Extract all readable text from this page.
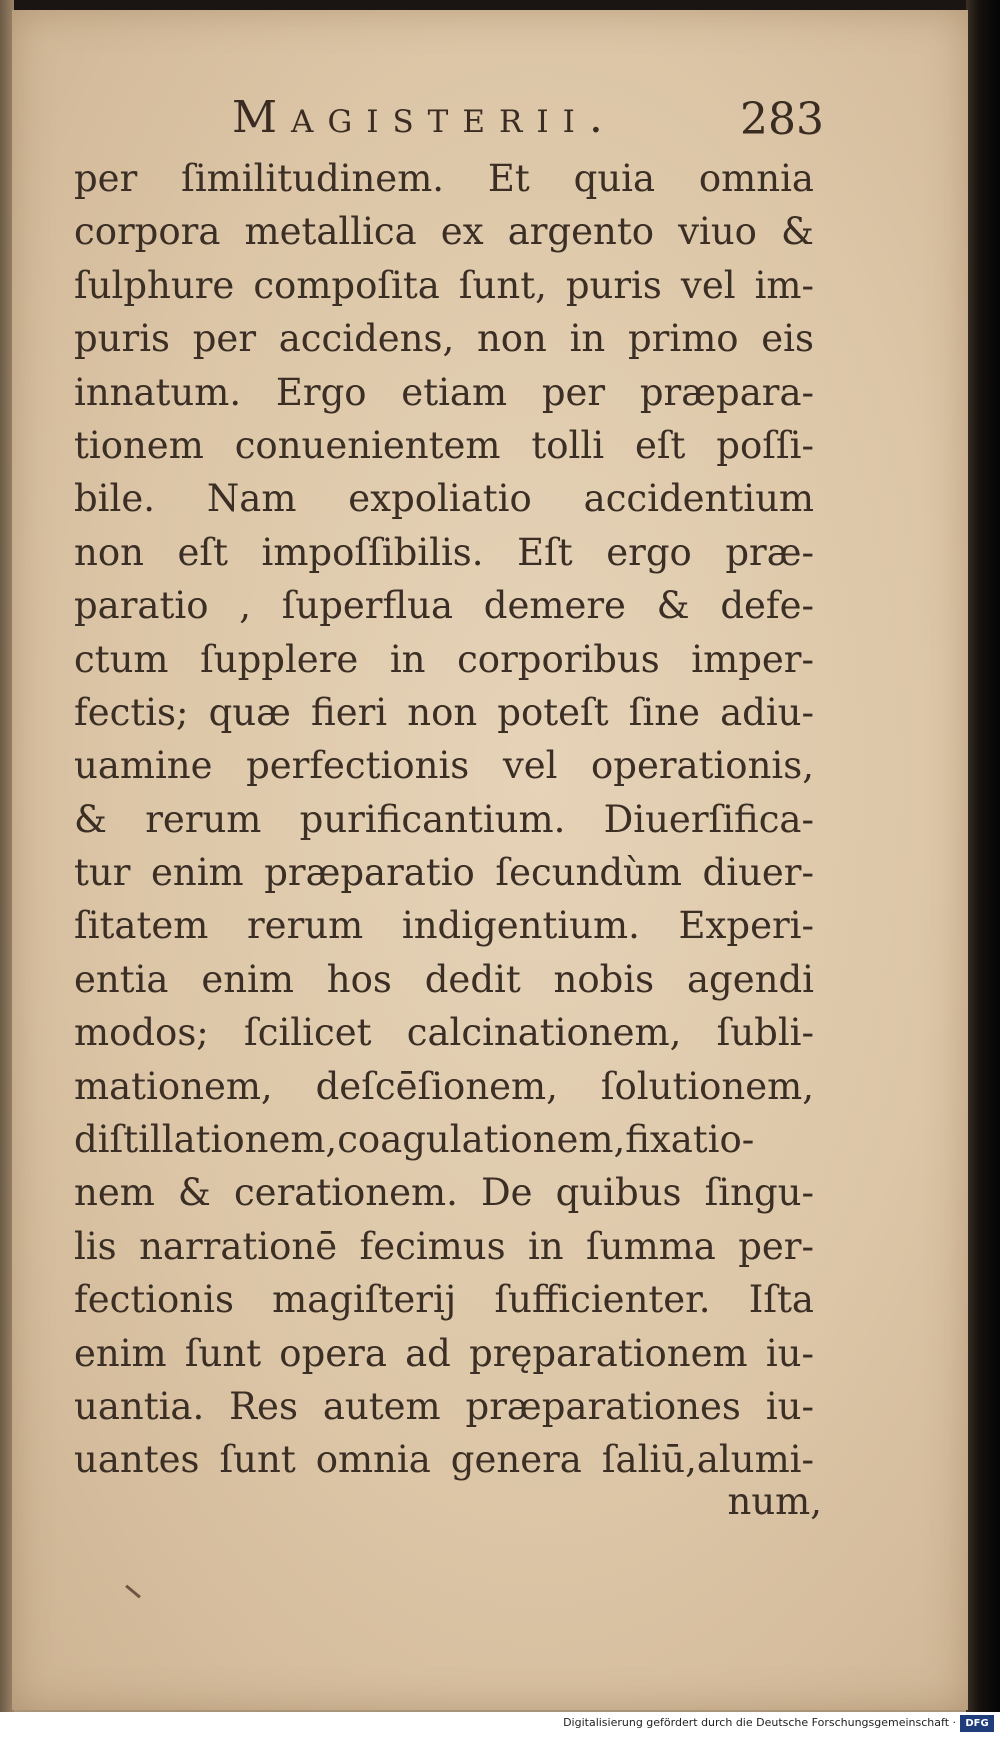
Magisterii.	283
per ſimilitudinem. Et quia omnia
corpora metallica ex argento viuo &
ſulphure compoſita ſunt, puris vel im-
puris per accidens, non in primo eis
innatum. Ergo etiam per præpara-
tionem conuenientem tolli eſt poſſi-
bile. Nam expoliatio accidentium
non eſt impoſſibilis. Eſt ergo præ-
paratio , ſuperflua demere & defe-
ctum ſupplere in corporibus imper-
fectis; quæ fieri non poteſt ſine adiu-
uamine perfectionis vel operationis,
& rerum purificantium. Diuerſifica-
tur enim præparatio ſecundùm diuer-
ſitatem rerum indigentium. Experi-
entia enim hos dedit nobis agendi
modos; ſcilicet calcinationem, ſubli-
mationem, deſcēſionem, ſolutionem,
diſtillationem,coagulationem,fixatio-
nem & cerationem. De quibus ſingu-
lis narrationē fecimus in ſumma per-
fectionis magiſterij ſufficienter. Iſta
enim ſunt opera ad pręparationem iu-
uantia. Res autem præparationes iu-
uantes ſunt omnia genera ſaliū,alumi-
num,
Digitalisierung gefördert durch die Deutsche Forschungsgemeinschaft · DFG
